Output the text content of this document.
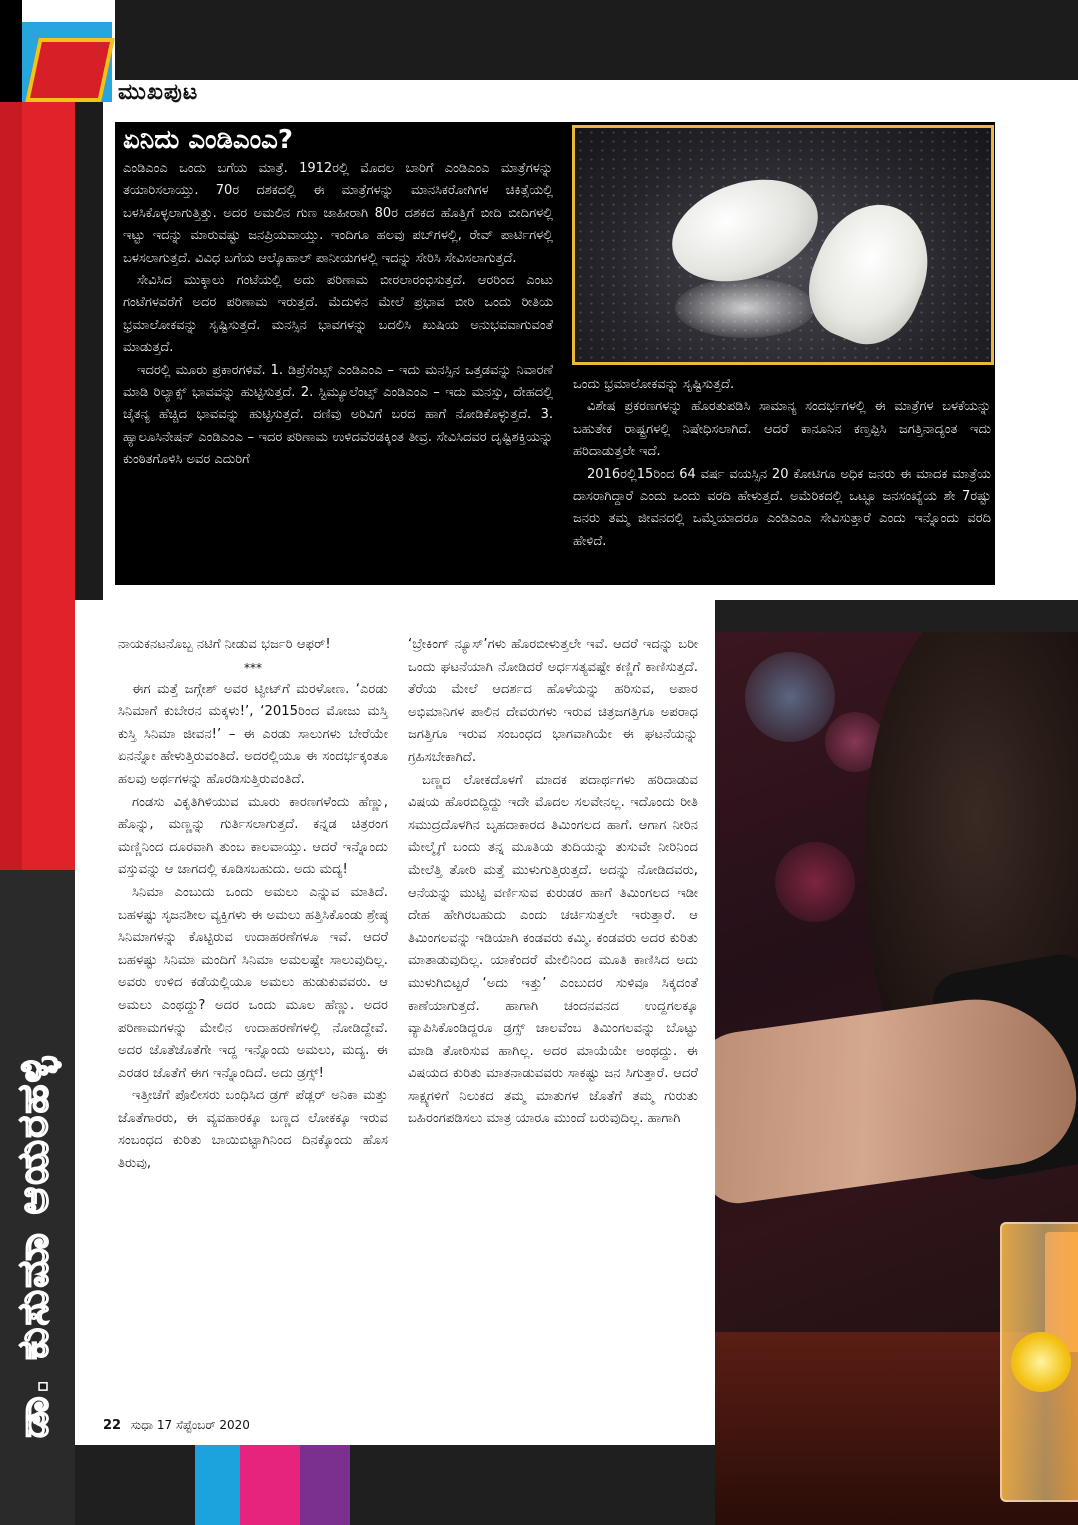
ಮುಖಪುಟ
ಏನಿದು ಎಂಡಿಎಂಎ?

ಎಂಡಿಎಂಎ ಒಂದು ಬಗೆಯ ಮಾತ್ರೆ. 1912ರಲ್ಲಿ ಮೊದಲ ಬಾರಿಗೆ ಎಂಡಿಎಂಎ ಮಾತ್ರೆಗಳನ್ನು ತಯಾರಿಸಲಾಯ್ತು. 70ರ ದಶಕದಲ್ಲಿ ಈ ಮಾತ್ರೆಗಳನ್ನು ಮಾನಸಿಕರೋಗಿಗಳ ಚಿಕಿತ್ಸೆಯಲ್ಲಿ ಬಳಸಿಕೊಳ್ಳಲಾಗುತ್ತಿತ್ತು. ಅದರ ಅಮಲಿನ ಗುಣ ಜಾಹೀರಾಗಿ 80ರ ದಶಕದ ಹೊತ್ತಿಗೆ ಬೀದಿ ಬೀದಿಗಳಲ್ಲಿ ಇಟ್ಟು ಇದನ್ನು ಮಾರುವಷ್ಟು ಜನಪ್ರಿಯವಾಯ್ತು. ಇಂದಿಗೂ ಹಲವು ಪಬ್‌ಗಳಲ್ಲಿ, ರೇವ್ ಪಾರ್ಟಿಗಳಲ್ಲಿ ಬಳಸಲಾಗುತ್ತದೆ. ವಿವಿಧ ಬಗೆಯ ಆಲ್ಕೊಹಾಲ್ ಪಾನೀಯಗಳಲ್ಲಿ ಇದನ್ನು ಸೇರಿಸಿ ಸೇವಿಸಲಾಗುತ್ತದೆ.

ಸೇವಿಸಿದ ಮುಕ್ಕಾಲು ಗಂಟೆಯಲ್ಲಿ ಅದು ಪರಿಣಾಮ ಬೀರಲಾರಂಭಿಸುತ್ತದೆ. ಆರರಿಂದ ಎಂಟು ಗಂಟೆಗಳವರೆಗೆ ಅದರ ಪರಿಣಾಮ ಇರುತ್ತದೆ. ಮೆದುಳಿನ ಮೇಲೆ ಪ್ರಭಾವ ಬೀರಿ ಒಂದು ರೀತಿಯ ಭ್ರಮಾಲೋಕವನ್ನು ಸೃಷ್ಟಿಸುತ್ತದೆ. ಮನಸ್ಸಿನ ಭಾವಗಳನ್ನು ಬದಲಿಸಿ ಖುಷಿಯ ಅನುಭವವಾಗುವಂತೆ ಮಾಡುತ್ತದೆ.

ಇದರಲ್ಲಿ ಮೂರು ಪ್ರಕಾರಗಳಿವೆ. 1. ಡಿಪ್ರೆಸೆಂಟ್ಸ್ ಎಂಡಿಎಂಎ – ಇದು ಮನಸ್ಸಿನ ಒತ್ತಡವನ್ನು ನಿವಾರಣೆ ಮಾಡಿ ರಿಲ್ಯಾಕ್ಸ್ ಭಾವವನ್ನು ಹುಟ್ಟಿಸುತ್ತದೆ. 2. ಸ್ಟಿಮ್ಯೂಲೆಂಟ್ಸ್ ಎಂಡಿಎಂಎ – ಇದು ಮನಸ್ಸು, ದೇಹದಲ್ಲಿ ಚೈತನ್ಯ ಹೆಚ್ಚಿದ ಭಾವವನ್ನು ಹುಟ್ಟಿಸುತ್ತದೆ. ದಣಿವು ಅರಿವಿಗೆ ಬರದ ಹಾಗೆ ನೋಡಿಕೊಳ್ಳುತ್ತದೆ. 3. ಹ್ಯಾಲೂಸಿನೇಷನ್ ಎಂಡಿಎಂಎ – ಇದರ ಪರಿಣಾಮ ಉಳಿದವೆರಡಕ್ಕಿಂತ ತೀವ್ರ. ಸೇವಿಸಿದವರ ದೃಷ್ಟಿಶಕ್ತಿಯನ್ನು ಕುಂಠಿತಗೊಳಿಸಿ ಅವರ ಎದುರಿಗೆ

ಒಂದು ಭ್ರಮಾಲೋಕವನ್ನು ಸೃಷ್ಟಿಸುತ್ತದೆ.

ವಿಶೇಷ ಪ್ರಕರಣಗಳನ್ನು ಹೊರತುಪಡಿಸಿ ಸಾಮಾನ್ಯ ಸಂದರ್ಭಗಳಲ್ಲಿ ಈ ಮಾತ್ರೆಗಳ ಬಳಕೆಯನ್ನು ಬಹುತೇಕ ರಾಷ್ಟ್ರಗಳಲ್ಲಿ ನಿಷೇಧಿಸಲಾಗಿದೆ. ಆದರೆ ಕಾನೂನಿನ ಕಣ್ತಪ್ಪಿಸಿ ಜಗತ್ತಿನಾದ್ಯಂತ ಇದು ಹರಿದಾಡುತ್ತಲೇ ಇದೆ.

2016ರಲ್ಲಿ15ರಿಂದ 64 ವರ್ಷ ವಯಸ್ಸಿನ 20 ಕೋಟಿಗೂ ಅಧಿಕ ಜನರು ಈ ಮಾದಕ ಮಾತ್ರೆಯ ದಾಸರಾಗಿದ್ದಾರೆ ಎಂದು ಒಂದು ವರದಿ ಹೇಳುತ್ತದೆ. ಅಮೆರಿಕದಲ್ಲಿ ಒಟ್ಟೂ ಜನಸಂಖ್ಯೆಯ ಶೇ 7ರಷ್ಟು ಜನರು ತಮ್ಮ ಜೀವನದಲ್ಲಿ ಒಮ್ಮೆಯಾದರೂ ಎಂಡಿಎಂಎ ಸೇವಿಸುತ್ತಾರೆ ಎಂದು ಇನ್ನೊಂದು ವರದಿ ಹೇಳಿದೆ.

ನಾಯಕನಟನೊಬ್ಬ ನಟಿಗೆ ನೀಡುವ ಭರ್ಜರಿ ಆಫರ್!

***

ಈಗ ಮತ್ತೆ ಜಗ್ಗೇಶ್ ಅವರ ಟ್ವೀಟ್‌ಗೆ ಮರಳೋಣ. ‘ಎರಡು ಸಿನಿಮಾಗೆ ಕುಬೇರನ ಮಕ್ಕಳು!’, ‘2015ರಿಂದ ಮೋಜು ಮಸ್ತಿ ಕುಸ್ತಿ ಸಿನಿಮಾ ಜೀವನ!’ – ಈ ಎರಡು ಸಾಲುಗಳು ಬೇರೆಯೇ ಏನನ್ನೋ ಹೇಳುತ್ತಿರುವಂತಿದೆ. ಅದರಲ್ಲಿಯೂ ಈ ಸಂದರ್ಭಕ್ಕಂತೂ ಹಲವು ಅರ್ಥಗಳನ್ನು ಹೊರಡಿಸುತ್ತಿರುವಂತಿದೆ.

ಗಂಡಸು ವಿಕೃತಿಗಿಳಿಯುವ ಮೂರು ಕಾರಣಗಳೆಂದು ಹೆಣ್ಣು, ಹೊನ್ನು, ಮಣ್ಣನ್ನು ಗುರ್ತಿಸಲಾಗುತ್ತದೆ. ಕನ್ನಡ ಚಿತ್ರರಂಗ ಮಣ್ಣಿನಿಂದ ದೂರವಾಗಿ ತುಂಬ ಕಾಲವಾಯ್ತು. ಆದರೆ ಇನ್ನೊಂದು ವಸ್ತುವನ್ನು ಆ ಜಾಗದಲ್ಲಿ ಕೂಡಿಸಬಹುದು. ಅದು ಮದ್ಯ!

ಸಿನಿಮಾ ಎಂಬುದು ಒಂದು ಅಮಲು ಎನ್ನುವ ಮಾತಿದೆ. ಬಹಳಷ್ಟು ಸೃಜನಶೀಲ ವ್ಯಕ್ತಿಗಳು ಈ ಅಮಲು ಹತ್ತಿಸಿಕೊಂಡು ಶ್ರೇಷ್ಠ ಸಿನಿಮಾಗಳನ್ನು ಕೊಟ್ಟಿರುವ ಉದಾಹರಣೆಗಳೂ ಇವೆ. ಆದರೆ ಬಹಳಷ್ಟು ಸಿನಿಮಾ ಮಂದಿಗೆ ಸಿನಿಮಾ ಅಮಲಷ್ಟೇ ಸಾಲುವುದಿಲ್ಲ. ಅವರು ಉಳಿದ ಕಡೆಯಲ್ಲಿಯೂ ಅಮಲು ಹುಡುಕುವವರು. ಆ ಅಮಲು ಎಂಥದ್ದು? ಅದರ ಒಂದು ಮೂಲ ಹೆಣ್ಣು. ಅದರ ಪರಿಣಾಮಗಳನ್ನು ಮೇಲಿನ ಉದಾಹರಣೆಗಳಲ್ಲಿ ನೋಡಿದ್ದೇವೆ. ಅದರ ಜೊತೆಜೊತೆಗೇ ಇದ್ದ ಇನ್ನೊಂದು ಅಮಲು, ಮದ್ಯ. ಈ ಎರಡರ ಜೊತೆಗೆ ಈಗ ಇನ್ನೊಂದಿದೆ. ಅದು ಡ್ರಗ್ಸ್!

ಇತ್ತೀಚೆಗೆ ಪೊಲೀಸರು ಬಂಧಿಸಿದ ಡ್ರಗ್ ಪೆಡ್ಲರ್ ಅನಿಕಾ ಮತ್ತು ಜೊತೆಗಾರರು, ಈ ವ್ಯವಹಾರಕ್ಕೂ ಬಣ್ಣದ ಲೋಕಕ್ಕೂ ಇರುವ ಸಂಬಂಧದ ಕುರಿತು ಬಾಯಿಬಿಟ್ಟಾಗಿನಿಂದ ದಿನಕ್ಕೊಂದು ಹೊಸ ತಿರುವು,

‘ಬ್ರೇಕಿಂಗ್ ನ್ಯೂಸ್’ಗಳು ಹೊರಬೀಳುತ್ತಲೇ ಇವೆ. ಆದರೆ ಇದನ್ನು ಬರೀ ಒಂದು ಘಟನೆಯಾಗಿ ನೋಡಿದರೆ ಅರ್ಧಸತ್ಯವಷ್ಟೇ ಕಣ್ಣಿಗೆ ಕಾಣಿಸುತ್ತದೆ. ತೆರೆಯ ಮೇಲೆ ಆದರ್ಶದ ಹೊಳೆಯನ್ನು ಹರಿಸುವ, ಅಪಾರ ಅಭಿಮಾನಿಗಳ ಪಾಲಿನ ದೇವರುಗಳು ಇರುವ ಚಿತ್ರಜಗತ್ತಿಗೂ ಅಪರಾಧ ಜಗತ್ತಿಗೂ ಇರುವ ಸಂಬಂಧದ ಭಾಗವಾಗಿಯೇ ಈ ಘಟನೆಯನ್ನು ಗ್ರಹಿಸಬೇಕಾಗಿದೆ.

ಬಣ್ಣದ ಲೋಕದೊಳಗೆ ಮಾದಕ ಪದಾರ್ಥಗಳು ಹರಿದಾಡುವ ವಿಷಯ ಹೊರಬಿದ್ದಿದ್ದು ಇದೇ ಮೊದಲ ಸಲವೇನಲ್ಲ. ಇದೊಂದು ರೀತಿ ಸಮುದ್ರದೊಳಗಿನ ಬೃಹದಾಕಾರದ ತಿಮಿಂಗಲದ ಹಾಗೆ. ಆಗಾಗ ನೀರಿನ ಮೇಲ್ಮೈಗೆ ಬಂದು ತನ್ನ ಮೂತಿಯ ತುದಿಯನ್ನು ತುಸುವೇ ನೀರಿನಿಂದ ಮೇಲೆತ್ತಿ ತೋರಿ ಮತ್ತೆ ಮುಳುಗುತ್ತಿರುತ್ತದೆ. ಅದನ್ನು ನೋಡಿದವರು, ಆನೆಯನ್ನು ಮುಟ್ಟಿ ವರ್ಣಿಸುವ ಕುರುಡರ ಹಾಗೆ ತಿಮಿಂಗಲದ ಇಡೀ ದೇಹ ಹೇಗಿರಬಹುದು ಎಂದು ಚರ್ಚಿಸುತ್ತಲೇ ಇರುತ್ತಾರೆ. ಆ ತಿಮಿಂಗಲವನ್ನು ಇಡಿಯಾಗಿ ಕಂಡವರು ಕಮ್ಮಿ. ಕಂಡವರು ಅದರ ಕುರಿತು ಮಾತಾಡುವುದಿಲ್ಲ. ಯಾಕೆಂದರೆ ಮೇಲಿನಿಂದ ಮೂತಿ ಕಾಣಿಸಿದ ಅದು ಮುಳುಗಿಬಿಟ್ಟರೆ ‘ಅದು ಇತ್ತು’ ಎಂಬುದರ ಸುಳಿವೂ ಸಿಕ್ಕದಂತೆ ಕಾಣೆಯಾಗುತ್ತದೆ. ಹಾಗಾಗಿ ಚಂದನವನದ ಉದ್ದಗಲಕ್ಕೂ ವ್ಯಾಪಿಸಿಕೊಂಡಿದ್ದರೂ ಡ್ರಗ್ಸ್ ಜಾಲವೆಂಬ ತಿಮಿಂಗಲವನ್ನು ಬೊಟ್ಟು ಮಾಡಿ ತೋರಿಸುವ ಹಾಗಿಲ್ಲ. ಅದರ ಮಾಯೆಯೇ ಅಂಥದ್ದು. ಈ ವಿಷಯದ ಕುರಿತು ಮಾತನಾಡುವವರು ಸಾಕಷ್ಟು ಜನ ಸಿಗುತ್ತಾರೆ. ಆದರೆ ಸಾಕ್ಷ್ಯಗಳಿಗೆ ನಿಲುಕದ ತಮ್ಮ ಮಾತುಗಳ ಜೊತೆಗೆ ತಮ್ಮ ಗುರುತು ಬಹಿರಂಗಪಡಿಸಲು ಮಾತ್ರ ಯಾರೂ ಮುಂದೆ ಬರುವುದಿಲ್ಲ. ಹಾಗಾಗಿ

ಡಾ. ಕುಸುಮಾ ಆಯರಹಳ್ಳಿ	22 ಸುಧಾ 17 ಸೆಪ್ಟೆಂಬರ್ 2020
